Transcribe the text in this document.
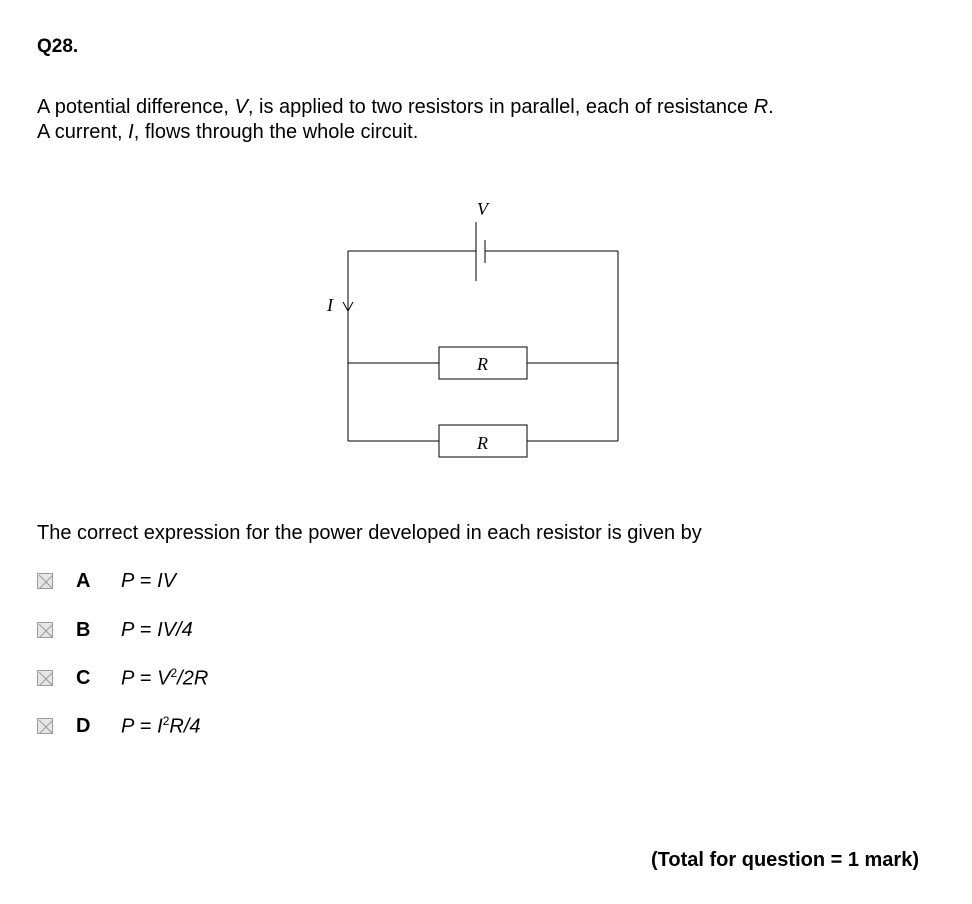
Q28.

A potential difference, V, is applied to two resistors in parallel, each of resistance R.

A current, I, flows through the whole circuit.

V
I
R
R

The correct expression for the power developed in each resistor is given by

A P = IV
B P = IV/4
C $P = V^2/2R$
D $P = I^2R/4$

(Total for question = 1 mark)
